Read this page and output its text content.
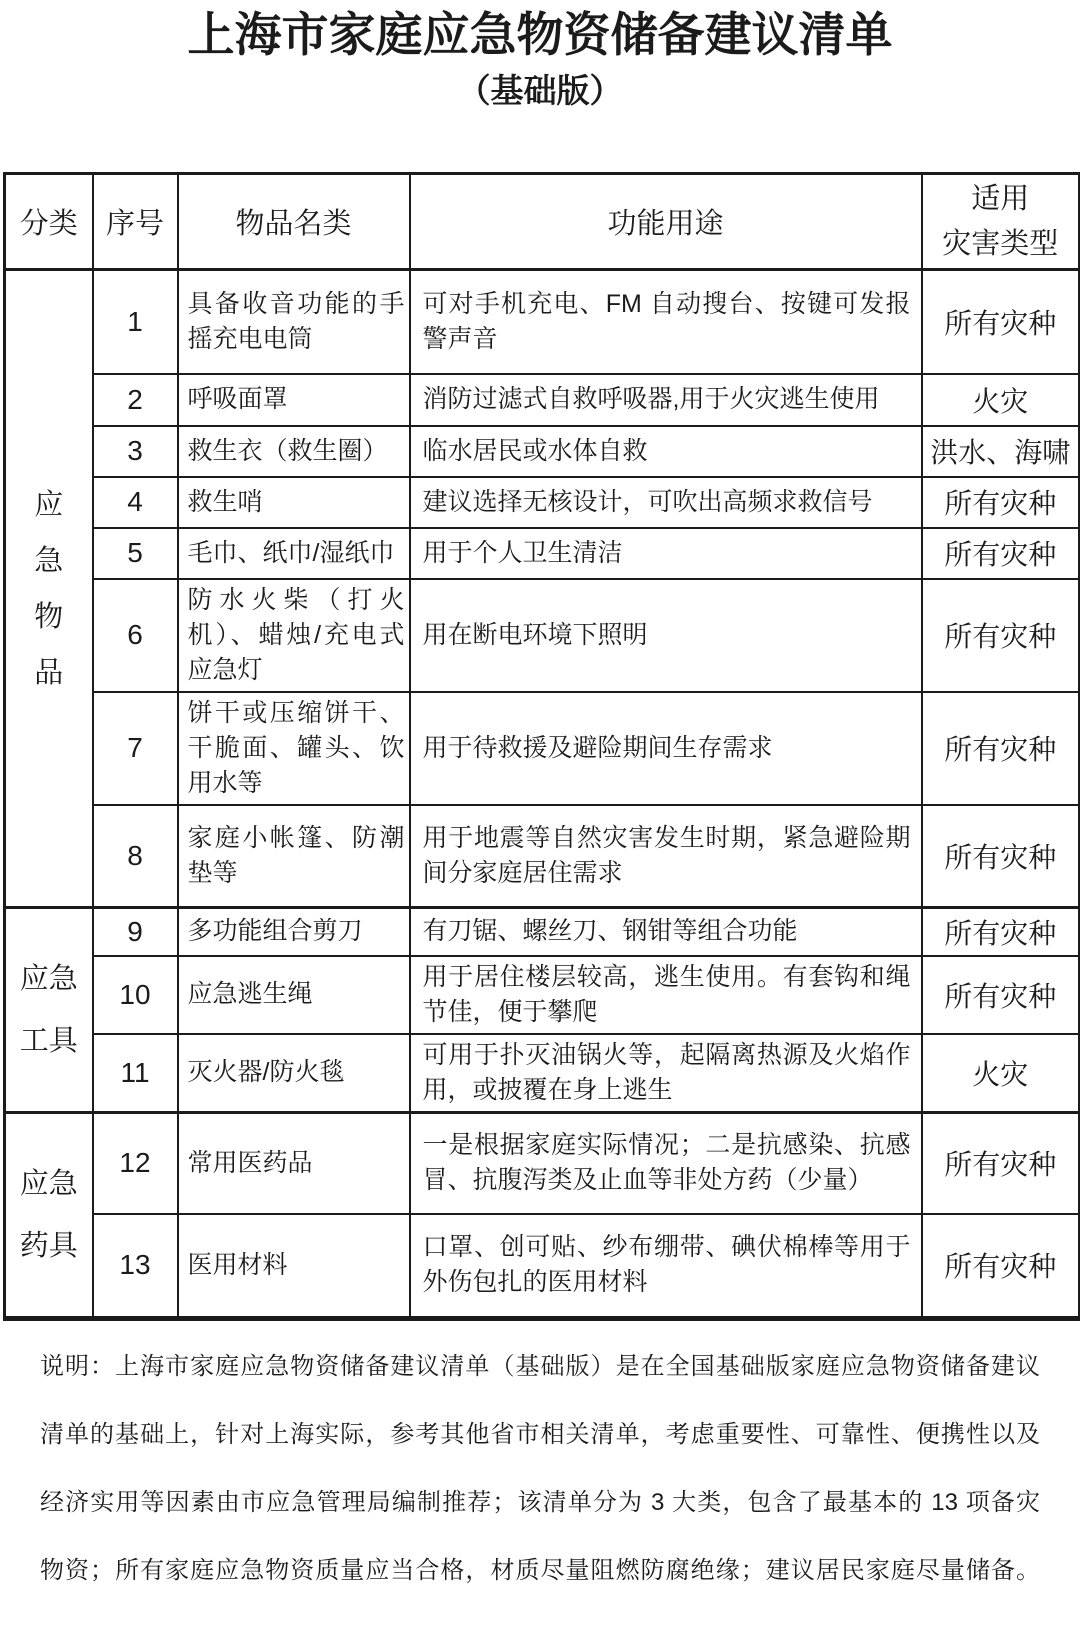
上海市家庭应急物资储备建议清单
（基础版）
分类	序号	物品名类	功能用途	适用
灾害类型

应
急
物
品	1	具备收音功能的手摇充电电筒	可对手机充电、FM 自动搜台、按键可发报警声音	所有灾种
	2	呼吸面罩	消防过滤式自救呼吸器,用于火灾逃生使用	火灾
	3	救生衣（救生圈）	临水居民或水体自救	洪水、海啸
	4	救生哨	建议选择无核设计，可吹出高频求救信号	所有灾种
	5	毛巾、纸巾/湿纸巾	用于个人卫生清洁	所有灾种
	6	防水火柴（打火机）、蜡烛/充电式应急灯	用在断电环境下照明	所有灾种
	7	饼干或压缩饼干、干脆面、罐头、饮用水等	用于待救援及避险期间生存需求	所有灾种
	8	家庭小帐篷、防潮垫等	用于地震等自然灾害发生时期，紧急避险期间分家庭居住需求	所有灾种

应急
工具	9	多功能组合剪刀	有刀锯、螺丝刀、钢钳等组合功能	所有灾种
	10	应急逃生绳	用于居住楼层较高，逃生使用。有套钩和绳节佳，便于攀爬	所有灾种
	11	灭火器/防火毯	可用于扑灭油锅火等，起隔离热源及火焰作用，或披覆在身上逃生	火灾

应急
药具	12	常用医药品	一是根据家庭实际情况；二是抗感染、抗感冒、抗腹泻类及止血等非处方药（少量）	所有灾种
	13	医用材料	口罩、创可贴、纱布绷带、碘伏棉棒等用于外伤包扎的医用材料	所有灾种
说明：上海市家庭应急物资储备建议清单（基础版）是在全国基础版家庭应急物资储备建议
清单的基础上，针对上海实际，参考其他省市相关清单，考虑重要性、可靠性、便携性以及
经济实用等因素由市应急管理局编制推荐；该清单分为 3 大类，包含了最基本的 13 项备灾
物资；所有家庭应急物资质量应当合格，材质尽量阻燃防腐绝缘；建议居民家庭尽量储备。
